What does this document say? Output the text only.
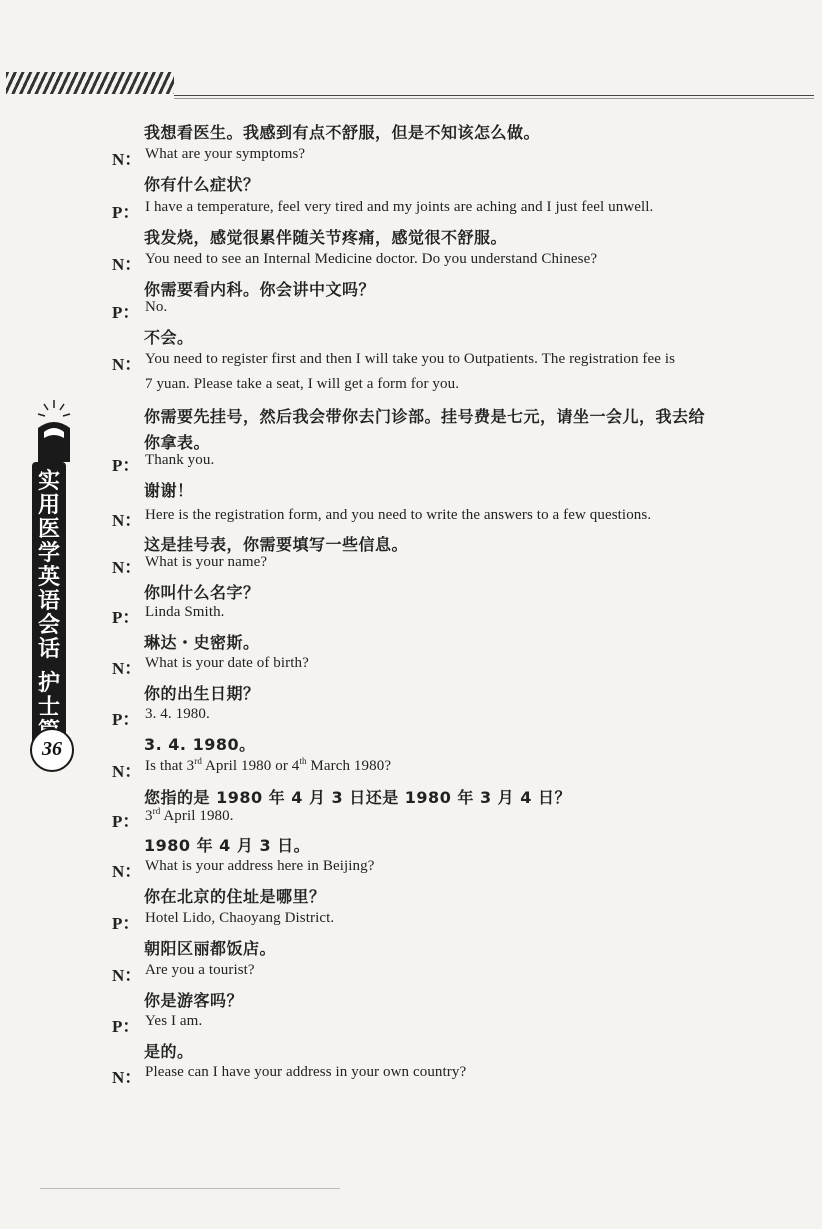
实
用
医
学
英
语
会
话
护
士
36
我想看医生。我感到有点不舒服，但是不知该怎么做。
N： What are your symptoms?
你有什么症状？
P： I have a temperature, feel very tired and my joints are aching and I just feel unwell.
我发烧，感觉很累伴随关节疼痛，感觉很不舒服。
N： You need to see an Internal Medicine doctor. Do you understand Chinese?
你需要看内科。你会讲中文吗？
P： No.
不会。
N： You need to register first and then I will take you to Outpatients. The registration fee is
7 yuan. Please take a seat, I will get a form for you.
你需要先挂号，然后我会带你去门诊部。挂号费是七元，请坐一会儿，我去给
你拿表。
P： Thank you.
谢谢！
N： Here is the registration form, and you need to write the answers to a few questions.
这是挂号表，你需要填写一些信息。
N： What is your name?
你叫什么名字？
P： Linda Smith.
琳达・史密斯。
N： What is your date of birth?
你的出生日期？
P： 3. 4. 1980.
3. 4. 1980。
N： Is that 3rd April 1980 or 4th March 1980?
您指的是 1980 年 4 月 3 日还是 1980 年 3 月 4 日？
P： 3rd April 1980.
1980 年 4 月 3 日。
N： What is your address here in Beijing?
你在北京的住址是哪里？
P： Hotel Lido, Chaoyang District.
朝阳区丽都饭店。
N： Are you a tourist?
你是游客吗？
P： Yes I am.
是的。
N： Please can I have your address in your own country?
